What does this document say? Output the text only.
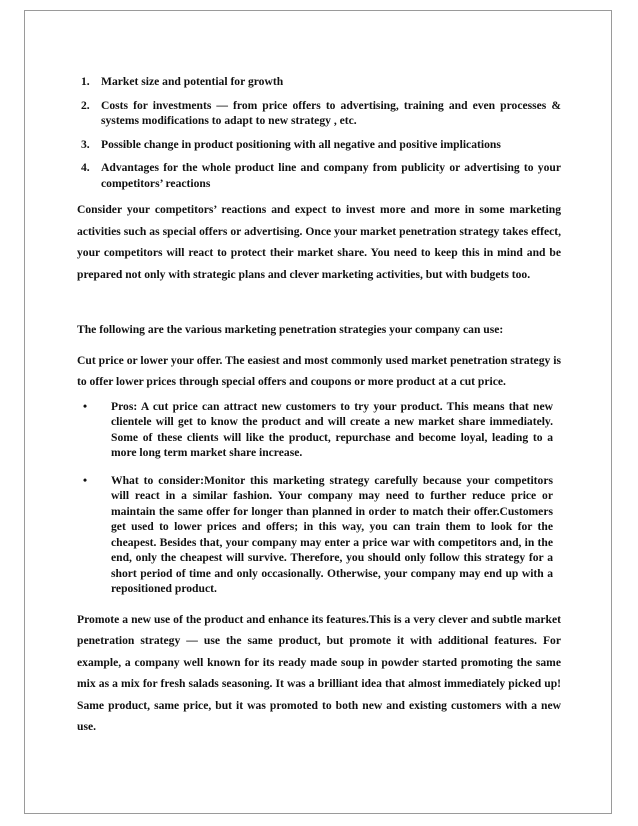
1. Market size and potential for growth
2. Costs for investments — from price offers to advertising, training and even processes & systems modifications to adapt to new strategy , etc.
3. Possible change in product positioning with all negative and positive implications
4. Advantages for the whole product line and company from publicity or advertising to your competitors’ reactions

Consider your competitors’ reactions and expect to invest more and more in some marketing activities such as special offers or advertising. Once your market penetration strategy takes effect, your competitors will react to protect their market share. You need to keep this in mind and be prepared not only with strategic plans and clever marketing activities, but with budgets too.

The following are the various marketing penetration strategies your company can use:

Cut price or lower your offer. The easiest and most commonly used market penetration strategy is to offer lower prices through special offers and coupons or more product at a cut price.

•	Pros: A cut price can attract new customers to try your product. This means that new clientele will get to know the product and will create a new market share immediately. Some of these clients will like the product, repurchase and become loyal, leading to a more long term market share increase.
•	What to consider:Monitor this marketing strategy carefully because your competitors will react in a similar fashion. Your company may need to further reduce price or maintain the same offer for longer than planned in order to match their offer.Customers get used to lower prices and offers; in this way, you can train them to look for the cheapest. Besides that, your company may enter a price war with competitors and, in the end, only the cheapest will survive. Therefore, you should only follow this strategy for a short period of time and only occasionally. Otherwise, your company may end up with a repositioned product.

Promote a new use of the product and enhance its features.This is a very clever and subtle market penetration strategy — use the same product, but promote it with additional features. For example, a company well known for its ready made soup in powder started promoting the same mix as a mix for fresh salads seasoning. It was a brilliant idea that almost immediately picked up! Same product, same price, but it was promoted to both new and existing customers with a new use.
